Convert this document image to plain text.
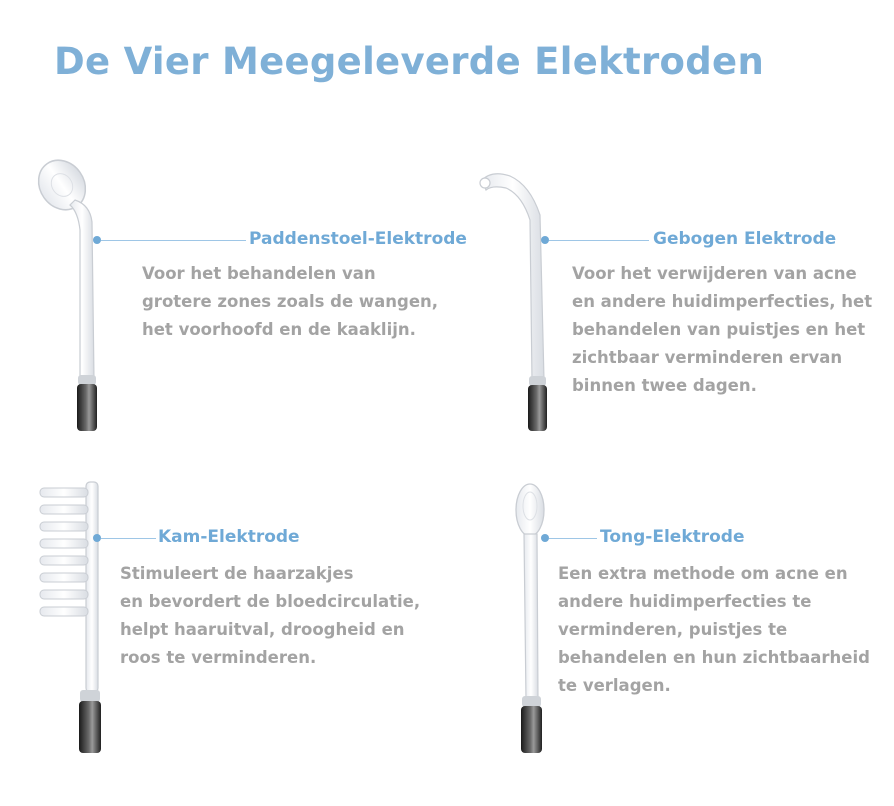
De Vier Meegeleverde Elektroden
Paddenstoel-Elektrode	Gebogen Elektrode
Kam-Elektrode	Tong-Elektrode
Voor het behandelen van
grotere zones zoals de wangen,
het voorhoofd en de kaaklijn.
Voor het verwijderen van acne
en andere huidimperfecties, het
behandelen van puistjes en het
zichtbaar verminderen ervan
binnen twee dagen.
Stimuleert de haarzakjes
en bevordert de bloedcirculatie,
helpt haaruitval, droogheid en
roos te verminderen.
Een extra methode om acne en
andere huidimperfecties te
verminderen, puistjes te
behandelen en hun zichtbaarheid
te verlagen.
